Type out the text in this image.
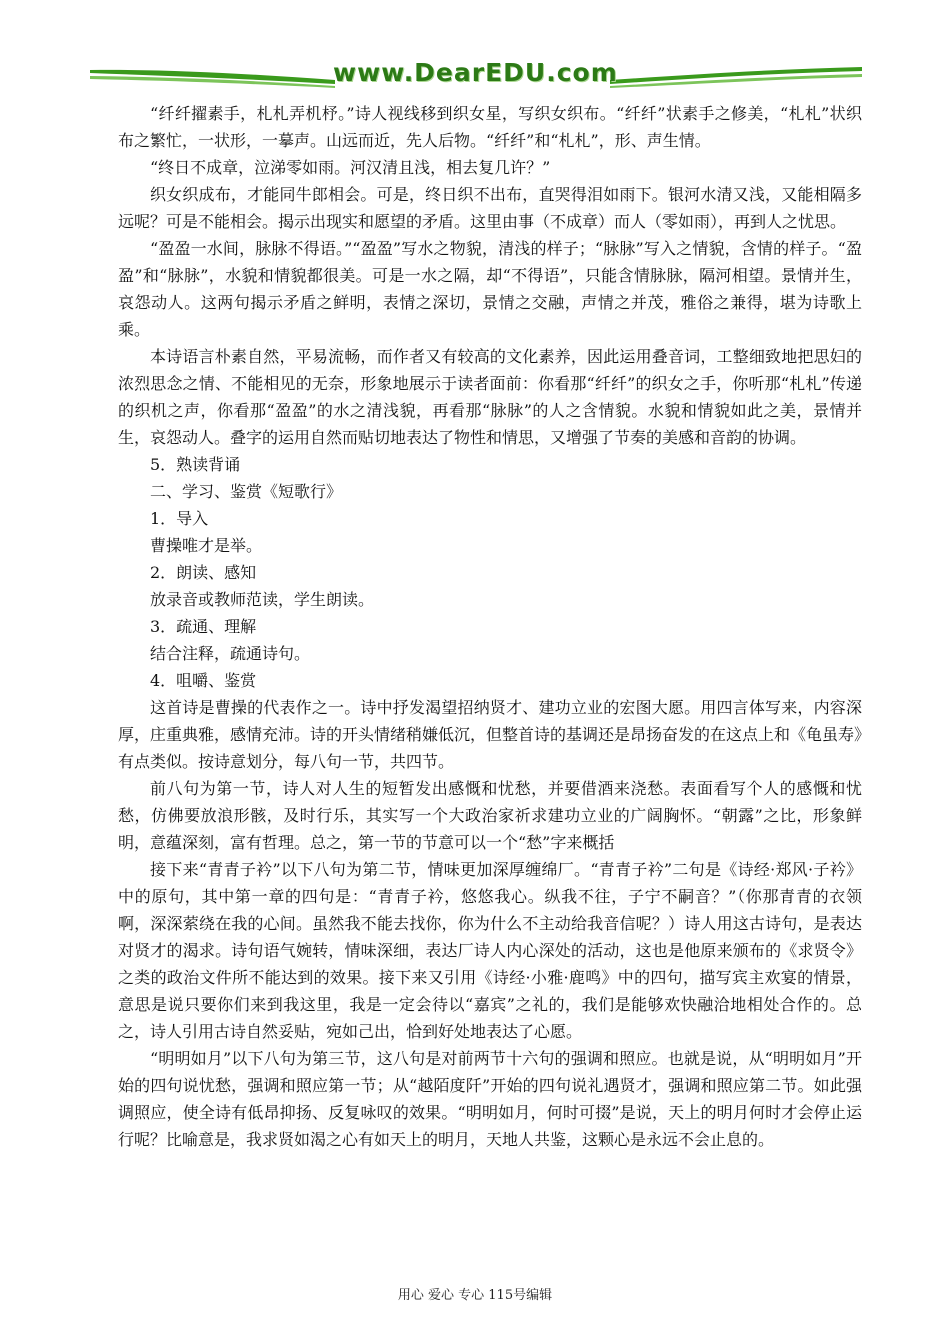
www.DearEDU.com

“纤纤擢素手，札札弄机杼。”诗人视线移到织女星，写织女织布。“纤纤”状素手之修美，“札札”状织布之繁忙，一状形，一摹声。山远而近，先人后物。“纤纤”和“札札”，形、声生情。

“终日不成章，泣涕零如雨。河汉清且浅，相去复几许？”

织女织成布，才能同牛郎相会。可是，终日织不出布，直哭得泪如雨下。银河水清又浅，又能相隔多远呢？可是不能相会。揭示出现实和愿望的矛盾。这里由事（不成章）而人（零如雨），再到人之忧思。

“盈盈一水间，脉脉不得语。”“盈盈”写水之物貌，清浅的样子；“脉脉”写入之情貌，含情的样子。“盈盈”和“脉脉”，水貌和情貌都很美。可是一水之隔，却“不得语”，只能含情脉脉，隔河相望。景情并生，哀怨动人。这两句揭示矛盾之鲜明，表情之深切，景情之交融，声情之并茂，雅俗之兼得，堪为诗歌上乘。

本诗语言朴素自然，平易流畅，而作者又有较高的文化素养，因此运用叠音词，工整细致地把思妇的浓烈思念之情、不能相见的无奈，形象地展示于读者面前：你看那“纤纤”的织女之手，你听那“札札”传递的织机之声，你看那“盈盈”的水之清浅貌，再看那“脉脉”的人之含情貌。水貌和情貌如此之美，景情并生，哀怨动人。叠字的运用自然而贴切地表达了物性和情思，又增强了节奏的美感和音韵的协调。

5．熟读背诵

二、学习、鉴赏《短歌行》

1．导入

曹操唯才是举。

2．朗读、感知

放录音或教师范读，学生朗读。

3．疏通、理解

结合注释，疏通诗句。

4．咀嚼、鉴赏

这首诗是曹操的代表作之一。诗中抒发渴望招纳贤才、建功立业的宏图大愿。用四言体写来，内容深厚，庄重典雅，感情充沛。诗的开头情绪稍嫌低沉，但整首诗的基调还是昂扬奋发的在这点上和《龟虽寿》有点类似。按诗意划分，每八句一节，共四节。

前八句为第一节，诗人对人生的短暂发出感慨和忧愁，并要借酒来浇愁。表面看写个人的感慨和忧愁，仿佛要放浪形骸，及时行乐，其实写一个大政治家祈求建功立业的广阔胸怀。“朝露”之比，形象鲜明，意蕴深刻，富有哲理。总之，第一节的节意可以一个“愁”字来概括

接下来“青青子衿”以下八句为第二节，情味更加深厚缠绵厂。“青青子衿”二句是《诗经·郑风·子衿》中的原句，其中第一章的四句是：“青青子衿，悠悠我心。纵我不往，子宁不嗣音？”（你那青青的衣领啊，深深萦绕在我的心间。虽然我不能去找你，你为什么不主动给我音信呢？）诗人用这古诗句，是表达对贤才的渴求。诗句语气婉转，情味深细，表达厂诗人内心深处的活动，这也是他原来颁布的《求贤令》之类的政治文件所不能达到的效果。接下来又引用《诗经·小雅·鹿鸣》中的四句，描写宾主欢宴的情景，意思是说只要你们来到我这里，我是一定会待以“嘉宾”之礼的，我们是能够欢快融洽地相处合作的。总之，诗人引用古诗自然妥贴，宛如己出，恰到好处地表达了心愿。

“明明如月”以下八句为第三节，这八句是对前两节十六句的强调和照应。也就是说，从“明明如月”开始的四句说忧愁，强调和照应第一节；从“越陌度阡”开始的四句说礼遇贤才，强调和照应第二节。如此强调照应，使全诗有低昂抑扬、反复咏叹的效果。“明明如月，何时可掇”是说，天上的明月何时才会停止运行呢？比喻意是，我求贤如渴之心有如天上的明月，天地人共鉴，这颗心是永远不会止息的。

用心 爱心 专心 115号编辑
